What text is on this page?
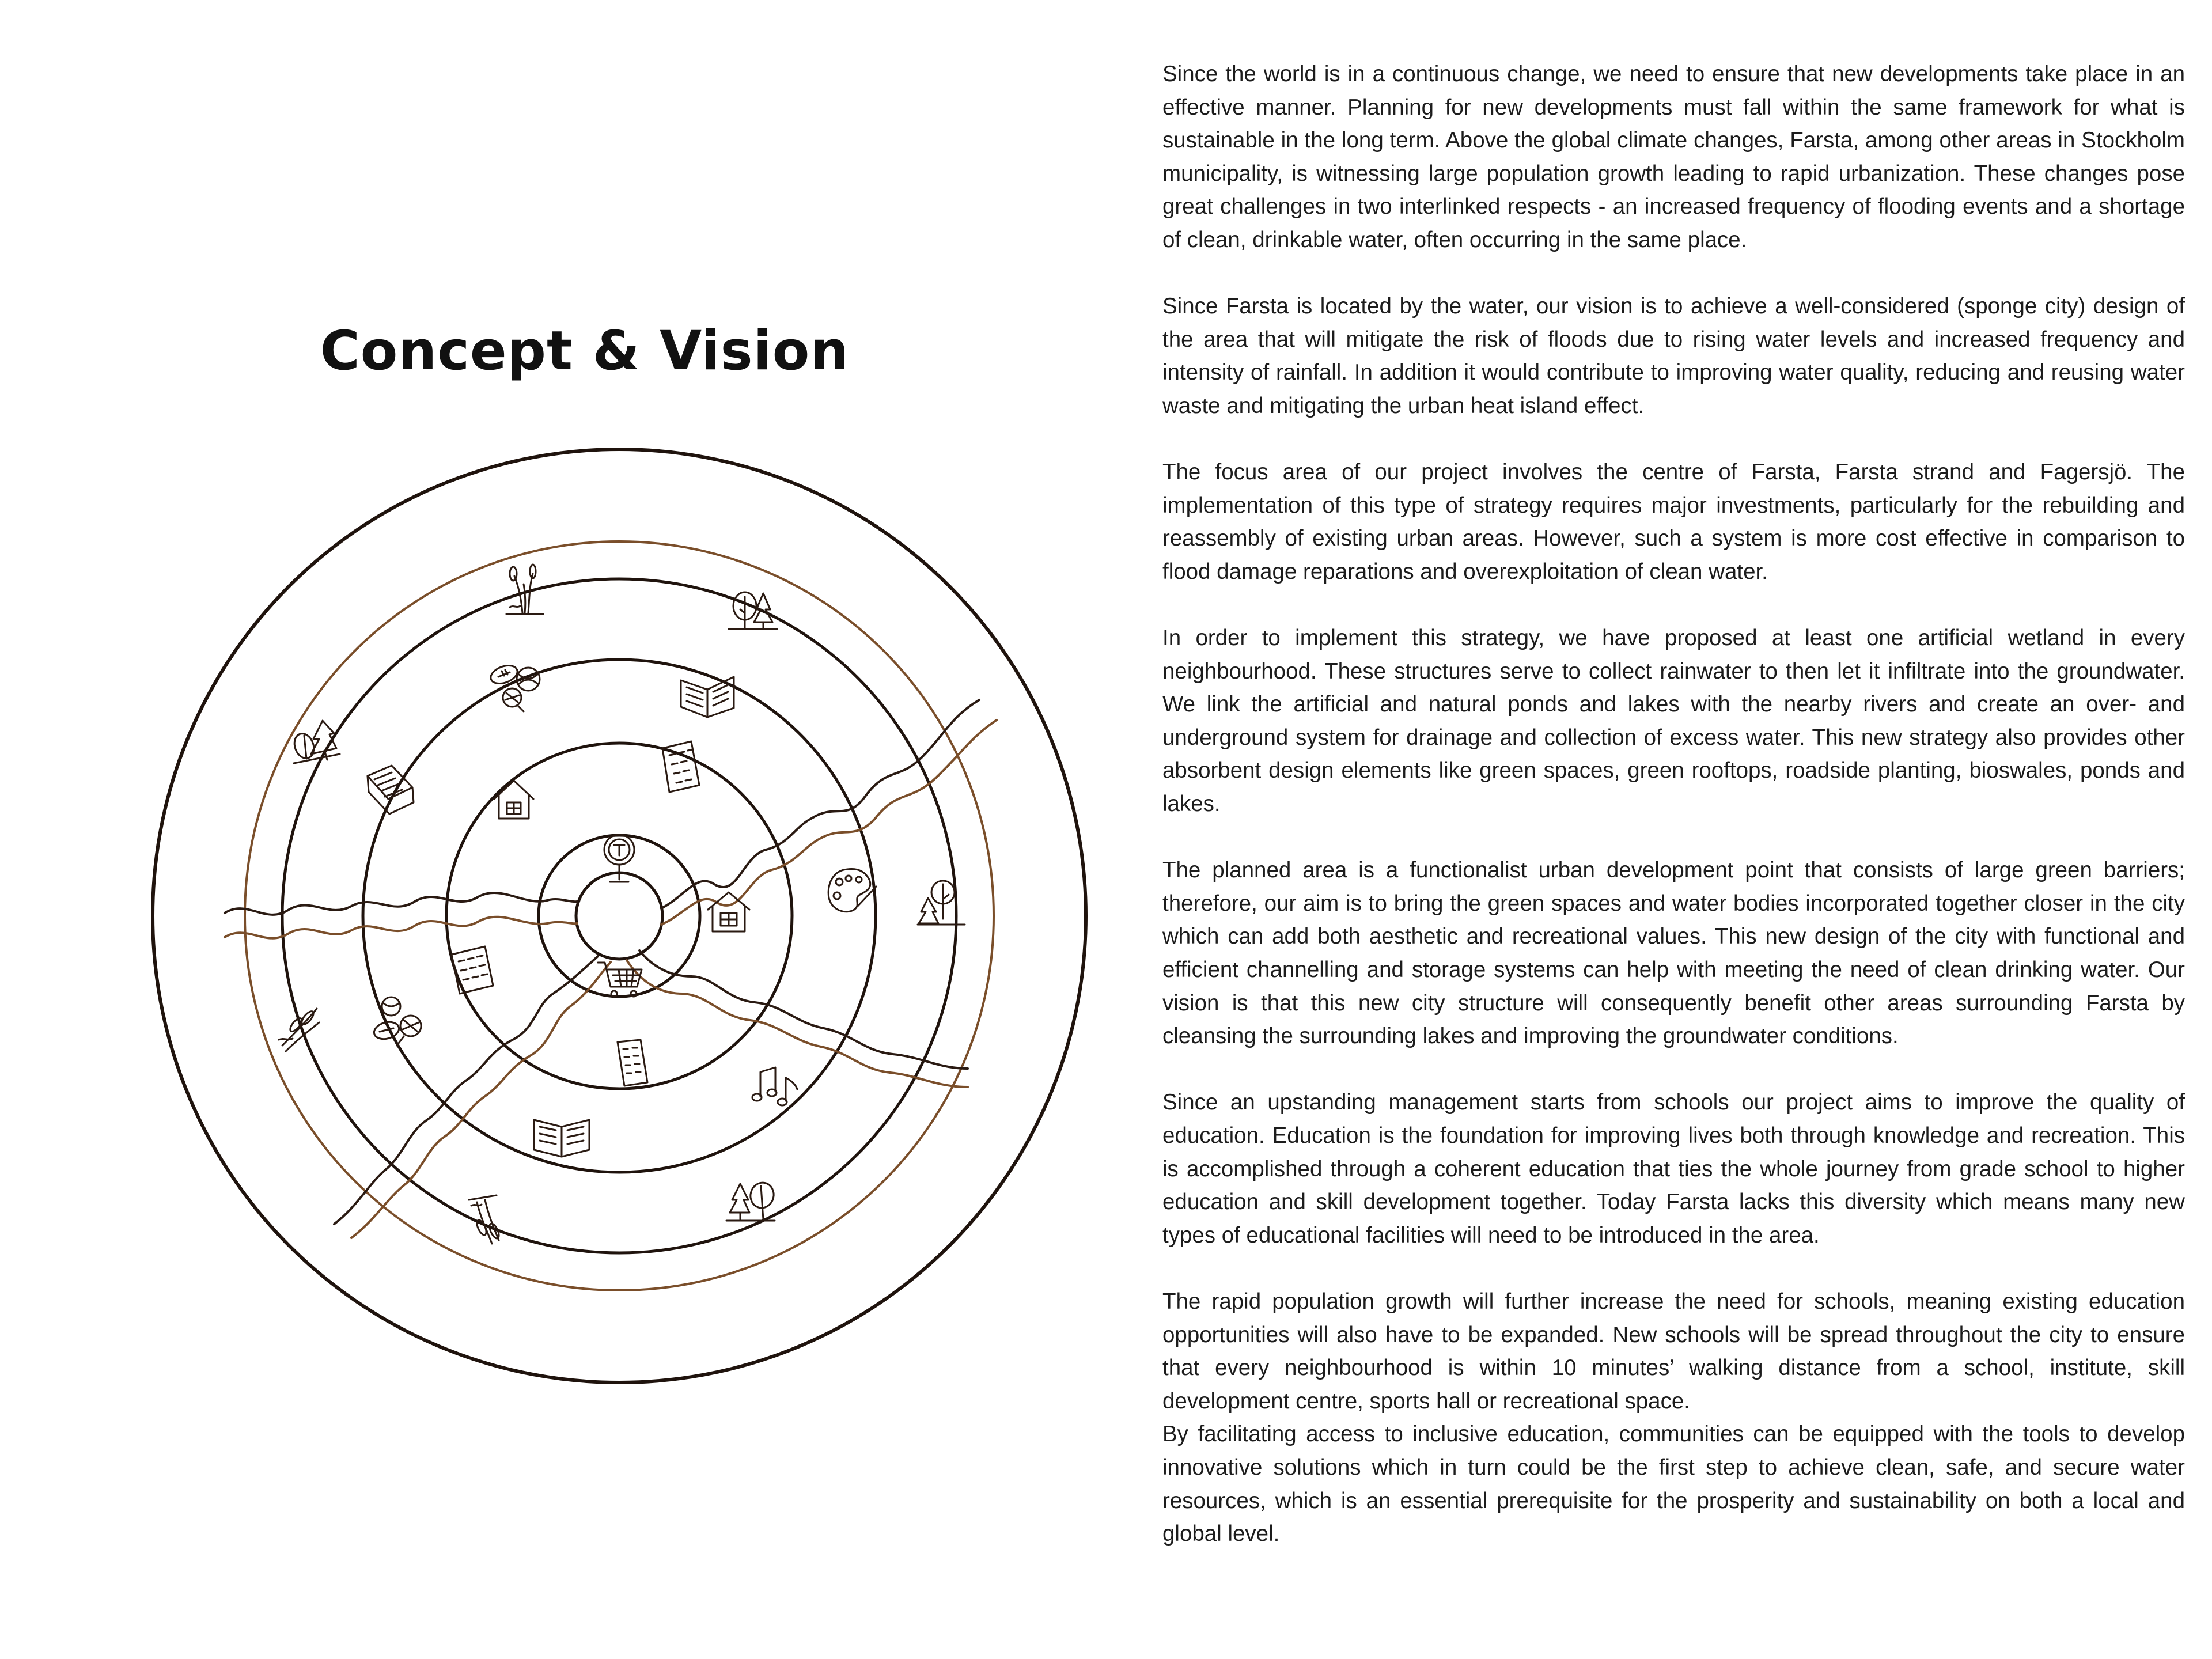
Concept & Vision

Since the world is in a continuous change, we need to ensure that new developments take place in an effective manner. Planning for new developments must fall within the same framework for what is sustainable in the long term. Above the global climate changes, Farsta, among other areas in Stockholm municipality, is witnessing large population growth leading to rapid urbanization. These changes pose great challenges in two interlinked respects - an increased frequency of flooding events and a shortage of clean, drinkable water, often occurring in the same place.

Since Farsta is located by the water, our vision is to achieve a well-considered (sponge city) design of the area that will mitigate the risk of floods due to rising water levels and increased frequency and intensity of rainfall. In addition it would contribute to improving water quality, reducing and reusing water waste and mitigating the urban heat island effect.

The focus area of our project involves the centre of Farsta, Farsta strand and Fagersjö. The implementation of this type of strategy requires major investments, particularly for the rebuilding and reassembly of existing urban areas. However, such a system is more cost effective in comparison to flood damage reparations and overexploitation of clean water.

In order to implement this strategy, we have proposed at least one artificial wetland in every neighbourhood. These structures serve to collect rainwater to then let it infiltrate into the groundwater. We link the artificial and natural ponds and lakes with the nearby rivers and create an over- and underground system for drainage and collection of excess water. This new strategy also provides other absorbent design elements like green spaces, green rooftops, roadside planting, bioswales, ponds and lakes.

The planned area is a functionalist urban development point that consists of large green barriers; therefore, our aim is to bring the green spaces and water bodies incorporated together closer in the city which can add both aesthetic and recreational values. This new design of the city with functional and efficient channelling and storage systems can help with meeting the need of clean drinking water. Our vision is that this new city structure will consequently benefit other areas surrounding Farsta by cleansing the surrounding lakes and improving the groundwater conditions.

Since an upstanding management starts from schools our project aims to improve the quality of education. Education is the foundation for improving lives both through knowledge and recreation. This is accomplished through a coherent education that ties the whole journey from grade school to higher education and skill development together. Today Farsta lacks this diversity which means many new types of educational facilities will need to be introduced in the area.

The rapid population growth will further increase the need for schools, meaning existing education opportunities will also have to be expanded. New schools will be spread throughout the city to ensure that every neighbourhood is within 10 minutes’ walking distance from a school, institute, skill development centre, sports hall or recreational space.

By facilitating access to inclusive education, communities can be equipped with the tools to develop innovative solutions which in turn could be the first step to achieve clean, safe, and secure water resources, which is an essential prerequisite for the prosperity and sustainability on both a local and global level.
